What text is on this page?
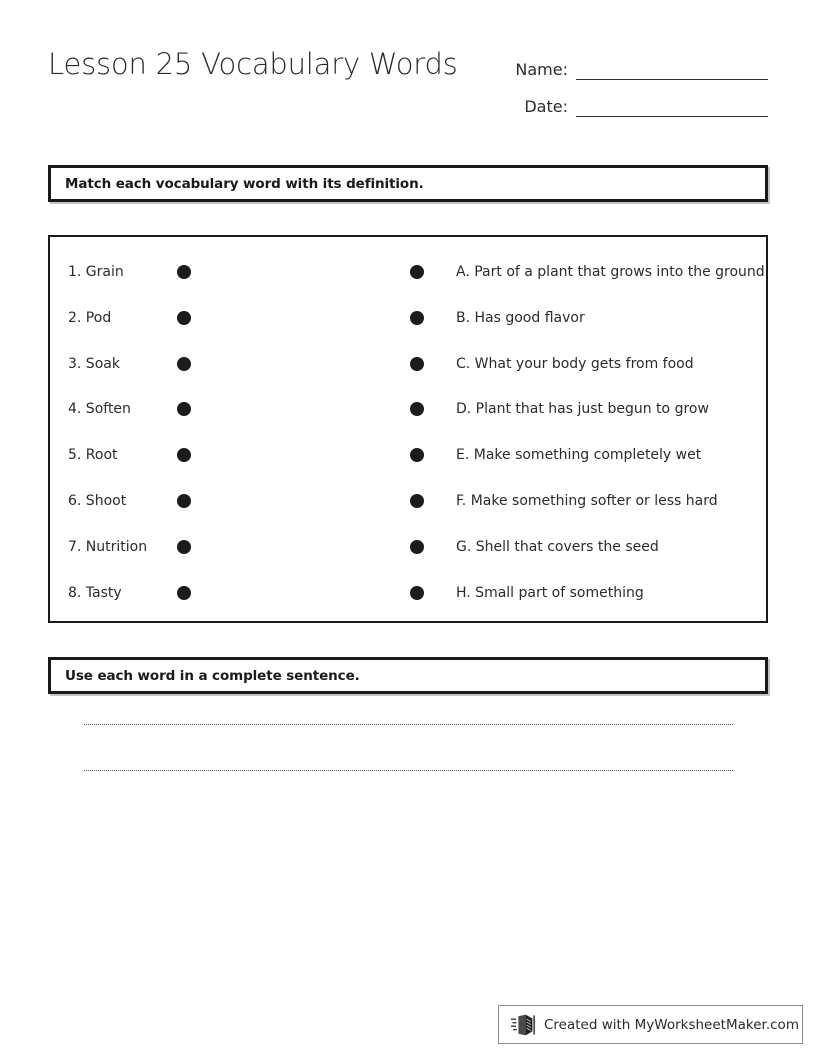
Lesson 25 Vocabulary Words	Name:
Date:
Match each vocabulary word with its definition.
1. Grain	A. Part of a plant that grows into the ground
2. Pod	B. Has good flavor
3. Soak	C. What your body gets from food
4. Soften	D. Plant that has just begun to grow
5. Root	E. Make something completely wet
6. Shoot	F. Make something softer or less hard
7. Nutrition	G. Shell that covers the seed
8. Tasty	H. Small part of something
Use each word in a complete sentence.
Created with MyWorksheetMaker.com
